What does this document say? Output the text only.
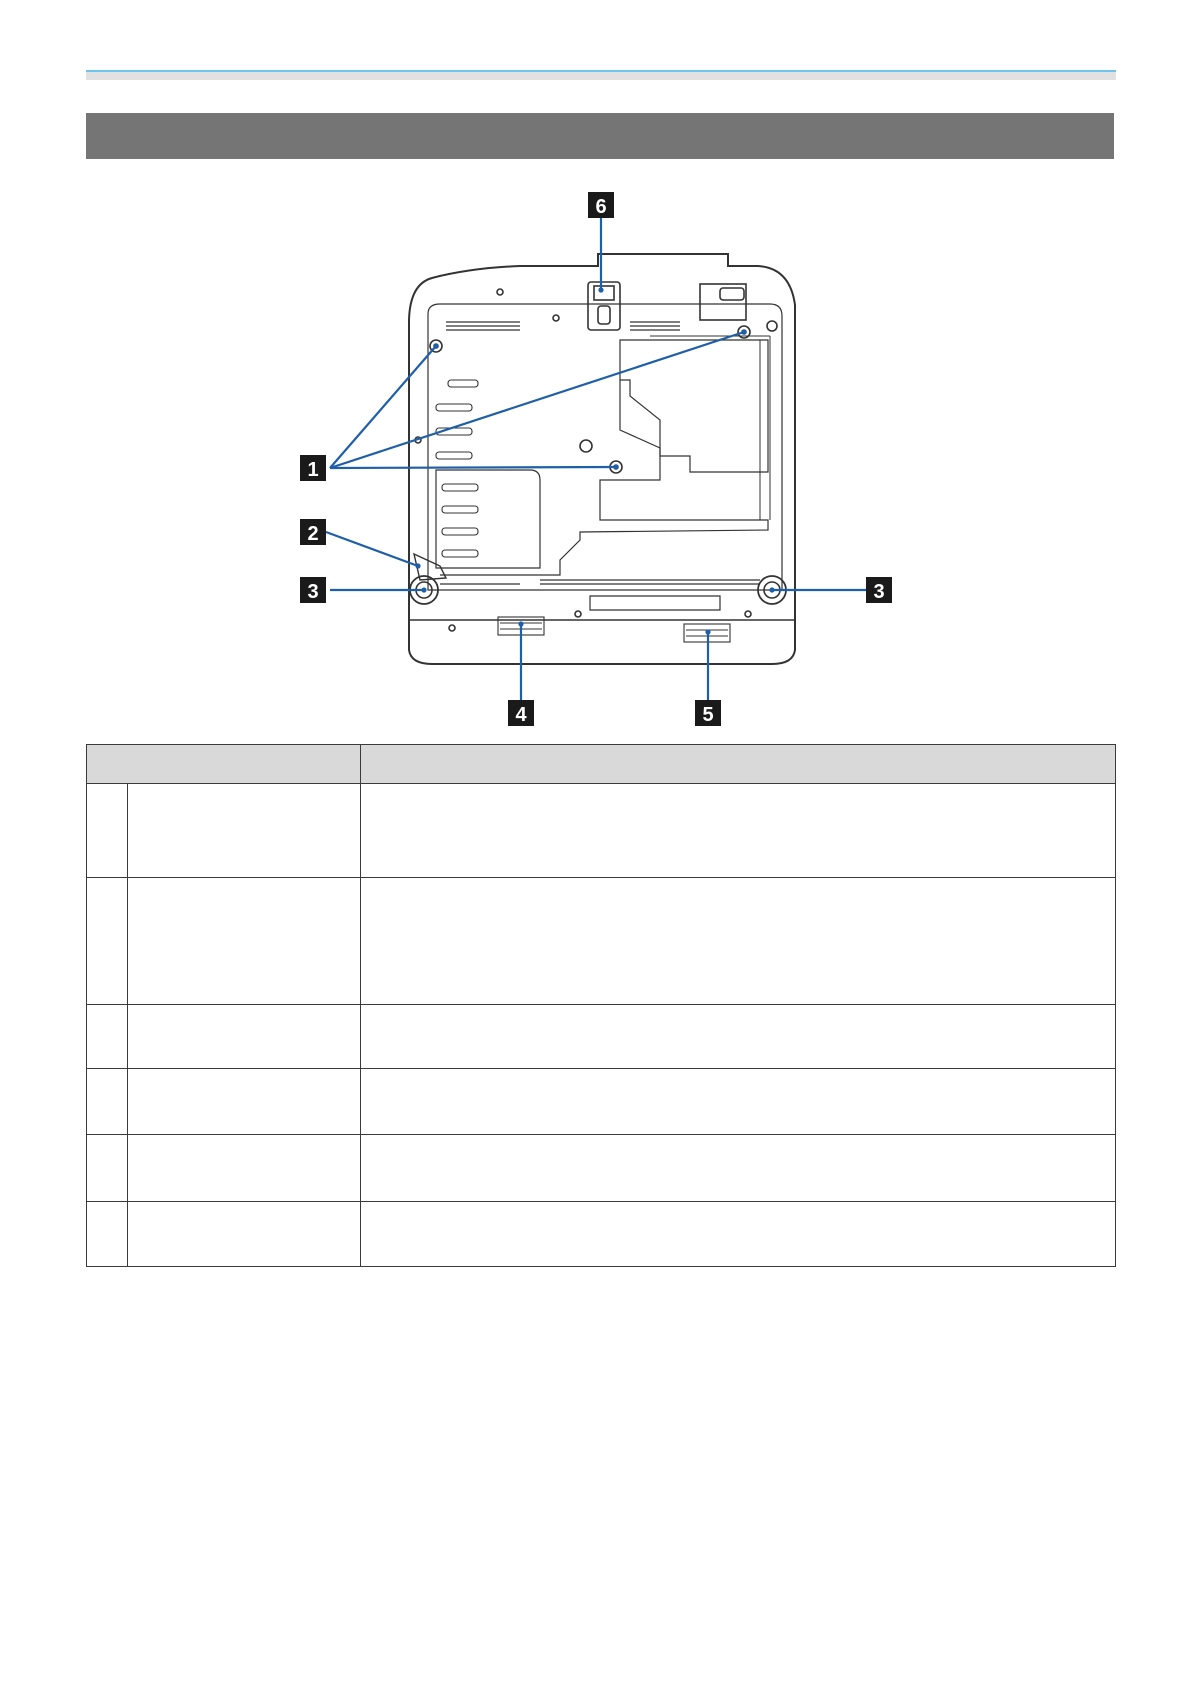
1
2
3	3
4	5
6
